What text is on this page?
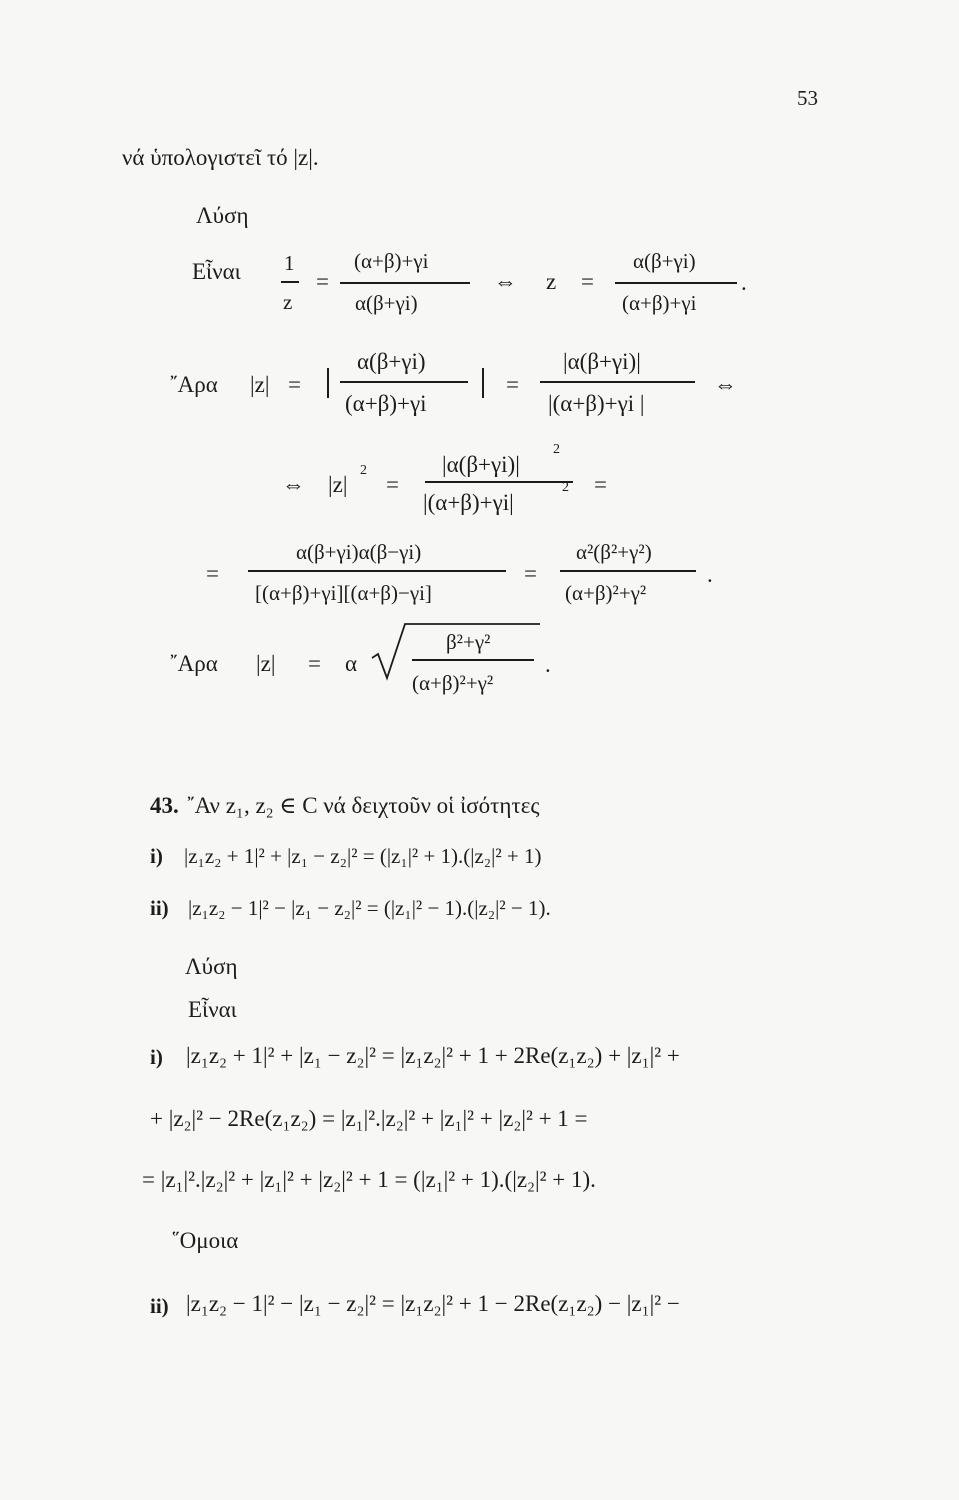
53
νά ὑπολογιστεῖ τό |z|.
Λύση
Εἶναι 1
z
=
(α+β)+γi
α(β+γi)
⇔ z =
α(β+γi)
(α+β)+γi
.
῎Αρα |z| =
α(β+γi)
(α+β)+γi
=
|α(β+γi)|
|(α+β)+γi |
⇔
⇔ |z|
2
=
|α(β+γi)|
2
|(α+β)+γi|
2 =
=
α(β+γi)α(β−γi)
[(α+β)+γi][(α+β)−γi]
=
α²(β²+γ²)
(α+β)²+γ²
.
῎Αρα |z| = α
β²+γ²
(α+β)²+γ²
.
43. ῎Αν z₁, z₂ ∈ C νά δειχτοῦν οἱ ἰσότητες
i) |z₁z₂ + 1|² + |z₁ − z₂|² = (|z₁|² + 1).(|z₂|² + 1)
ii) |z₁z₂ − 1|² − |z₁ − z₂|² = (|z₁|² − 1).(|z₂|² − 1).
Λύση
Εἶναι
i) |z₁z₂ + 1|² + |z₁ − z₂|² = |z₁z₂|² + 1 + 2Re(z₁z₂) + |z₁|² +
+ |z₂|² − 2Re(z₁z₂) = |z₁|².|z₂|² + |z₁|² + |z₂|² + 1 =
= |z₁|².|z₂|² + |z₁|² + |z₂|² + 1 = (|z₁|² + 1).(|z₂|² + 1).
῞Ομοια
ii) |z₁z₂ − 1|² − |z₁ − z₂|² = |z₁z₂|² + 1 − 2Re(z₁z₂) − |z₁|² −
